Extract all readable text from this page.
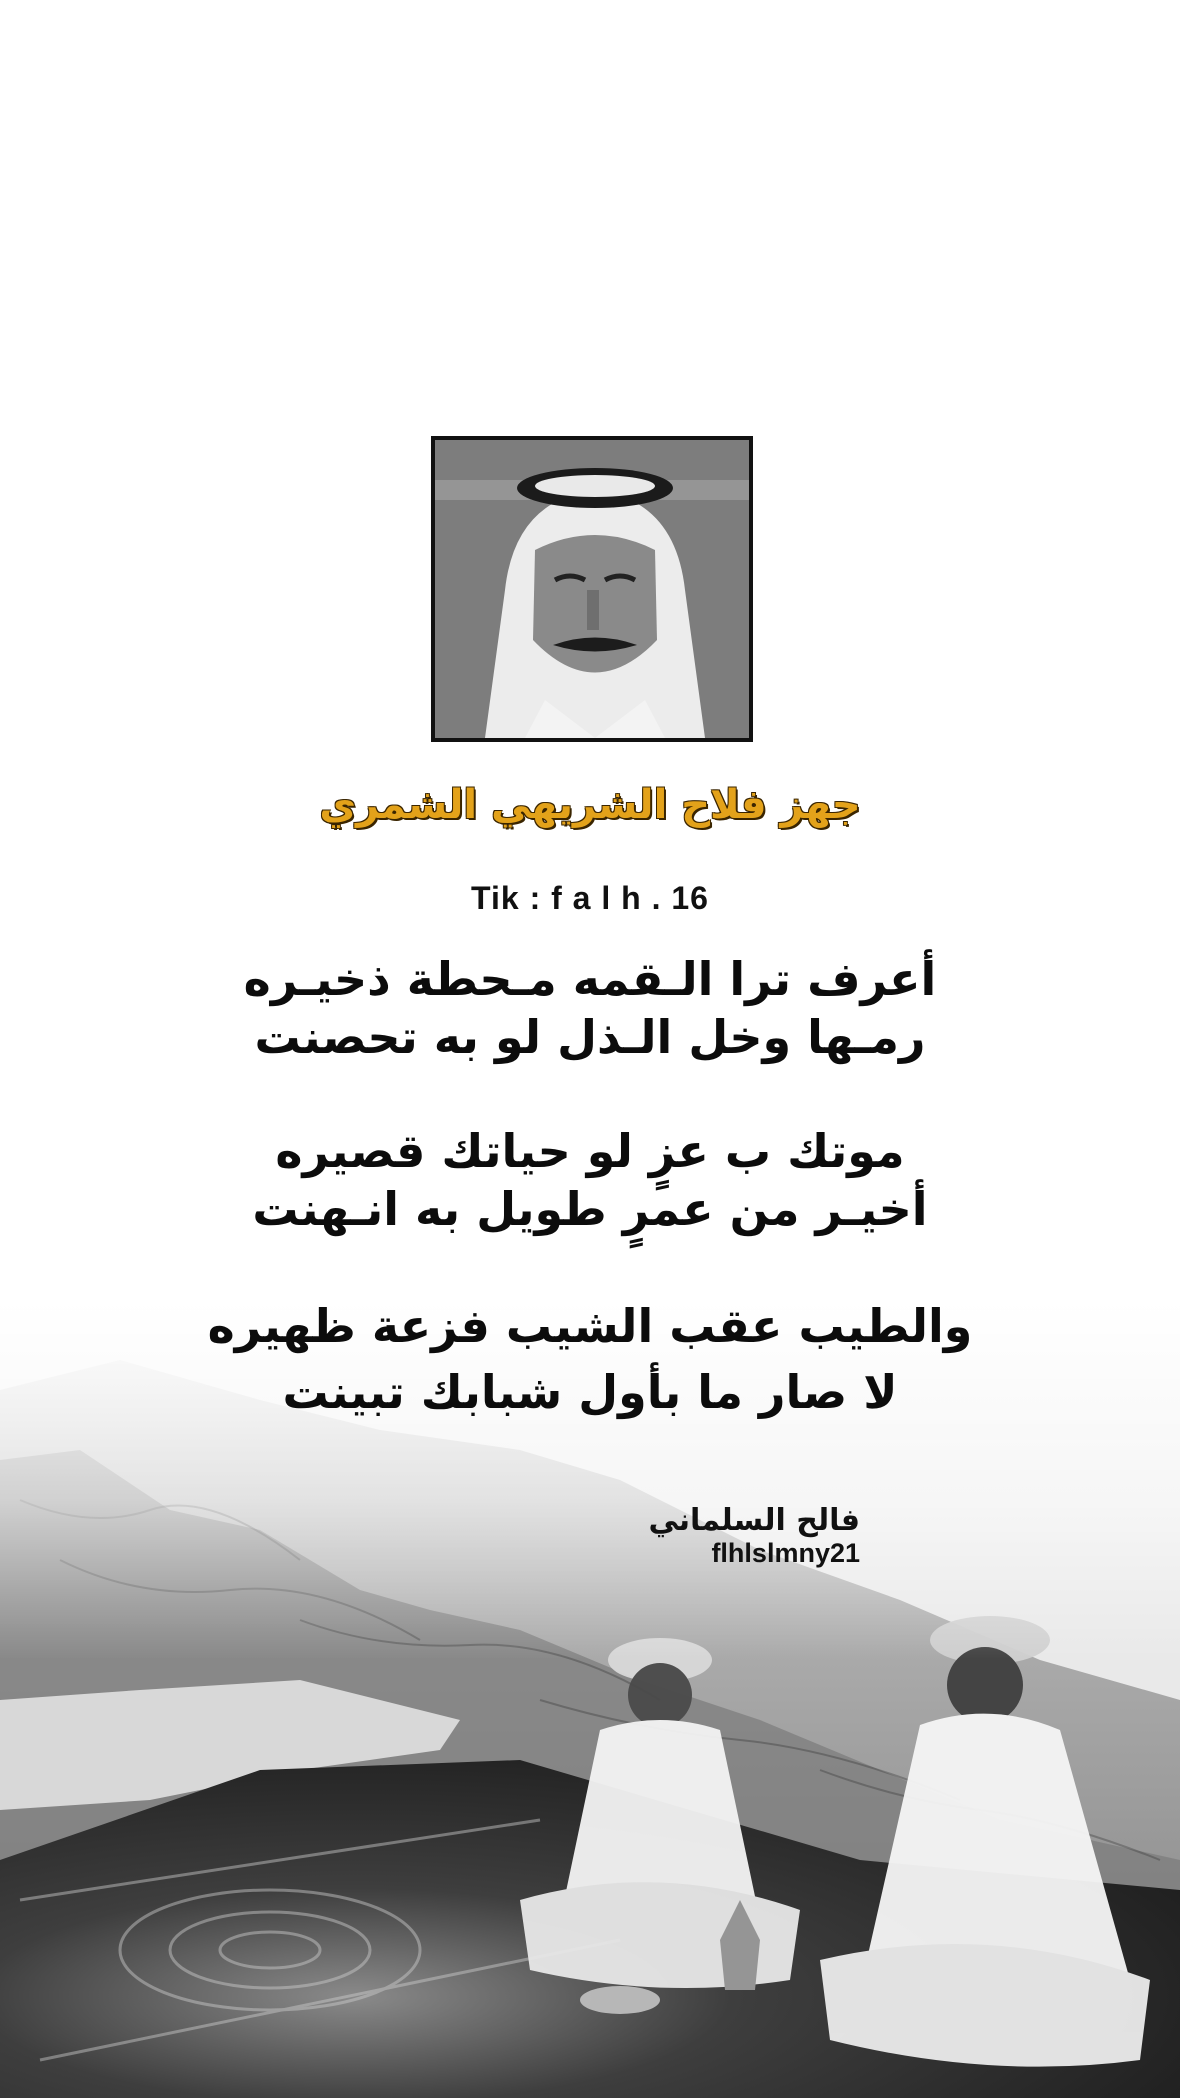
جهز فلاح الشريهي الشمري
Tik : f a l h . 16
أعرف ترا الـقمه مـحطة ذخيـره
رمـها وخل الـذل لو به تحصنت
موتك ب عزٍ لو حياتك قصيره
أخيـر من عمرٍ طويل به انـهنت
والطيب عقب الشيب فزعة ظهيره
لا صار ما بأول شبابك تبينت
فالح السلماني
flhlslmny21
